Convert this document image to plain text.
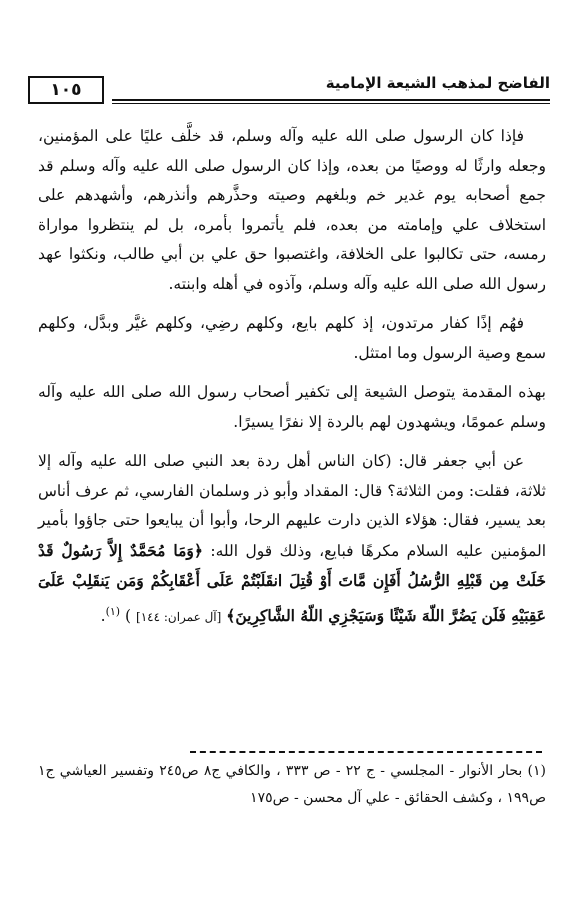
١٠٥	الفاضح لمذهب الشيعة الإمامية

فإذا كان الرسول صلى الله عليه وآله وسلم، قد خلَّف عليًا على المؤمنين، وجعله وارثًا له ووصيًا من بعده، وإذا كان الرسول صلى الله عليه وآله وسلم قد جمع أصحابه يوم غدير خم وبلغهم وصيته وحذَّرهم وأنذرهم، وأشهدهم على استخلاف علي وإمامته من بعده، فلم يأتمروا بأمره، بل لم ينتظروا مواراة رمسه، حتى تكالبوا على الخلافة، واغتصبوا حق علي بن أبي طالب، ونكثوا عهد رسول الله صلى الله عليه وآله وسلم، وآذوه في أهله وابنته.

فهُم إذًا كفار مرتدون، إذ كلهم بايع، وكلهم رضِي، وكلهم غيَّر وبدَّل، وكلهم سمع وصية الرسول وما امتثل.

بهذه المقدمة يتوصل الشيعة إلى تكفير أصحاب رسول الله صلى الله عليه وآله وسلم عمومًا، ويشهدون لهم بالردة إلا نفرًا يسيرًا.

عن أبي جعفر قال: (كان الناس أهل ردة بعد النبي صلى الله عليه وآله إلا ثلاثة، فقلت: ومن الثلاثة؟ قال: المقداد وأبو ذر وسلمان الفارسي، ثم عرف أناس بعد يسير، فقال: هؤلاء الذين دارت عليهم الرحا، وأبوا أن يبايعوا حتى جاؤوا بأمير المؤمنين عليه السلام مكرهًا فبايع، وذلك قول الله: ﴿وَمَا مُحَمَّدٌ إِلاَّ رَسُولٌ قَدْ خَلَتْ مِن قَبْلِهِ الرُّسُلُ أَفَإِن مَّاتَ أَوْ قُتِلَ انقَلَبْتُمْ عَلَى أَعْقَابِكُمْ وَمَن يَنقَلِبْ عَلَىَ عَقِبَيْهِ فَلَن يَضُرَّ اللّهَ شَيْئًا وَسَيَجْزِي اللّهُ الشَّاكِرِينَ﴾ [آل عمران: ١٤٤] ) $^{(١)}$.

(١) بحار الأنوار - المجلسي - ج ٢٢ - ص ٣٣٣ ، والكافي ج٨ ص٢٤٥ وتفسير العياشي ج١ ص١٩٩ ، وكشف الحقائق - علي آل محسن - ص١٧٥
